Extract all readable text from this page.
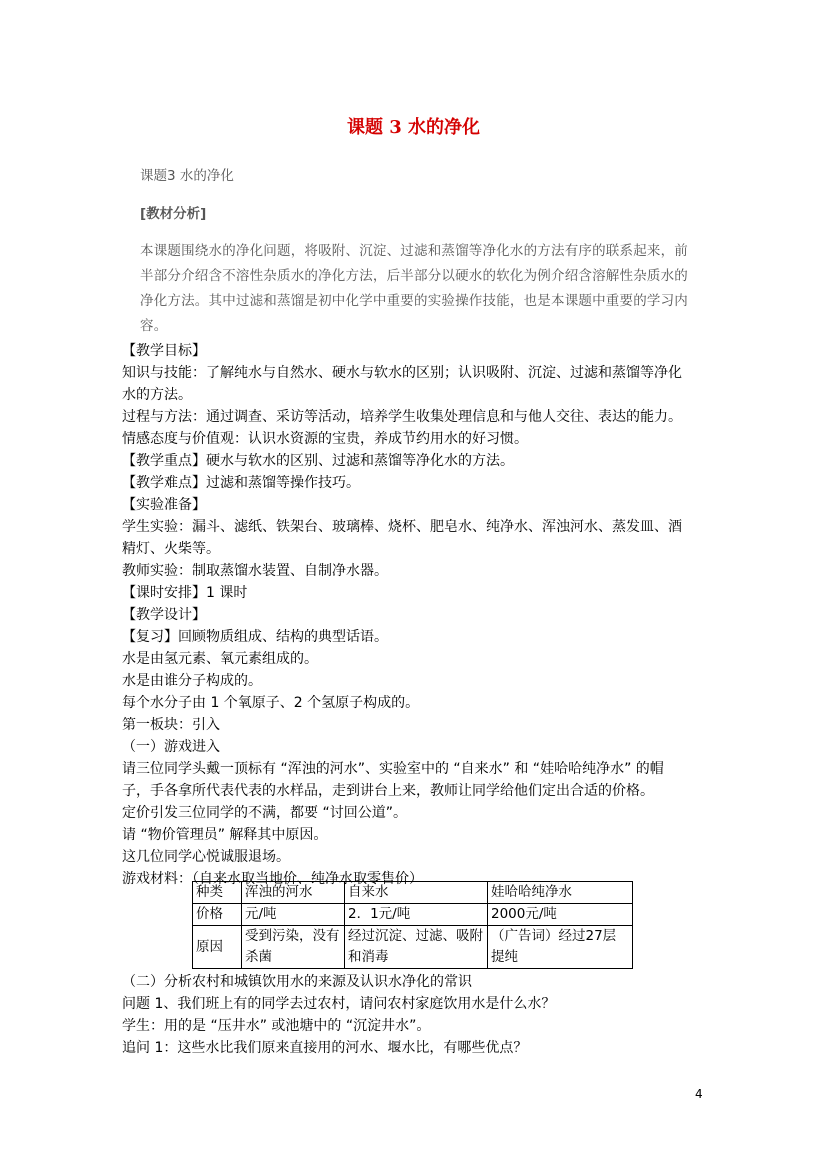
课题 3 水的净化
课题3 水的净化
[教材分析]
本课题围绕水的净化问题，将吸附、沉淀、过滤和蒸馏等净化水的方法有序的联系起来，前
半部分介绍含不溶性杂质水的净化方法，后半部分以硬水的软化为例介绍含溶解性杂质水的
净化方法。其中过滤和蒸馏是初中化学中重要的实验操作技能，也是本课题中重要的学习内
容。
【教学目标】
知识与技能：了解纯水与自然水、硬水与软水的区别；认识吸附、沉淀、过滤和蒸馏等净化
水的方法。
过程与方法：通过调查、采访等活动，培养学生收集处理信息和与他人交往、表达的能力。
情感态度与价值观：认识水资源的宝贵，养成节约用水的好习惯。
【教学重点】硬水与软水的区别、过滤和蒸馏等净化水的方法。
【教学难点】过滤和蒸馏等操作技巧。
【实验准备】
学生实验：漏斗、滤纸、铁架台、玻璃棒、烧杯、肥皂水、纯净水、浑浊河水、蒸发皿、酒
精灯、火柴等。
教师实验：制取蒸馏水装置、自制净水器。
【课时安排】1 课时
【教学设计】
【复习】回顾物质组成、结构的典型话语。
水是由氢元素、氧元素组成的。
水是由谁分子构成的。
每个水分子由 1 个氧原子、2 个氢原子构成的。
第一板块：引入
（一）游戏进入
请三位同学头戴一顶标有 “浑浊的河水”、实验室中的 “自来水” 和 “娃哈哈纯净水” 的帽
子，手各拿所代表代表的水样品，走到讲台上来，教师让同学给他们定出合适的价格。
定价引发三位同学的不满，都要 “讨回公道”。
请 “物价管理员” 解释其中原因。
这几位同学心悦诚服退场。
游戏材料：（自来水取当地价、纯净水取零售价）
种类	浑浊的河水	自来水	娃哈哈纯净水
价格	元/吨	2．1元/吨	2000元/吨
原因	受到污染，没有杀菌	经过沉淀、过滤、吸附和消毒	（广告词）经过27层提纯
（二）分析农村和城镇饮用水的来源及认识水净化的常识
问题 1、我们班上有的同学去过农村，请问农村家庭饮用水是什么水？
学生：用的是 “压井水” 或池塘中的 “沉淀井水”。
追问 1：这些水比我们原来直接用的河水、堰水比，有哪些优点？
4
